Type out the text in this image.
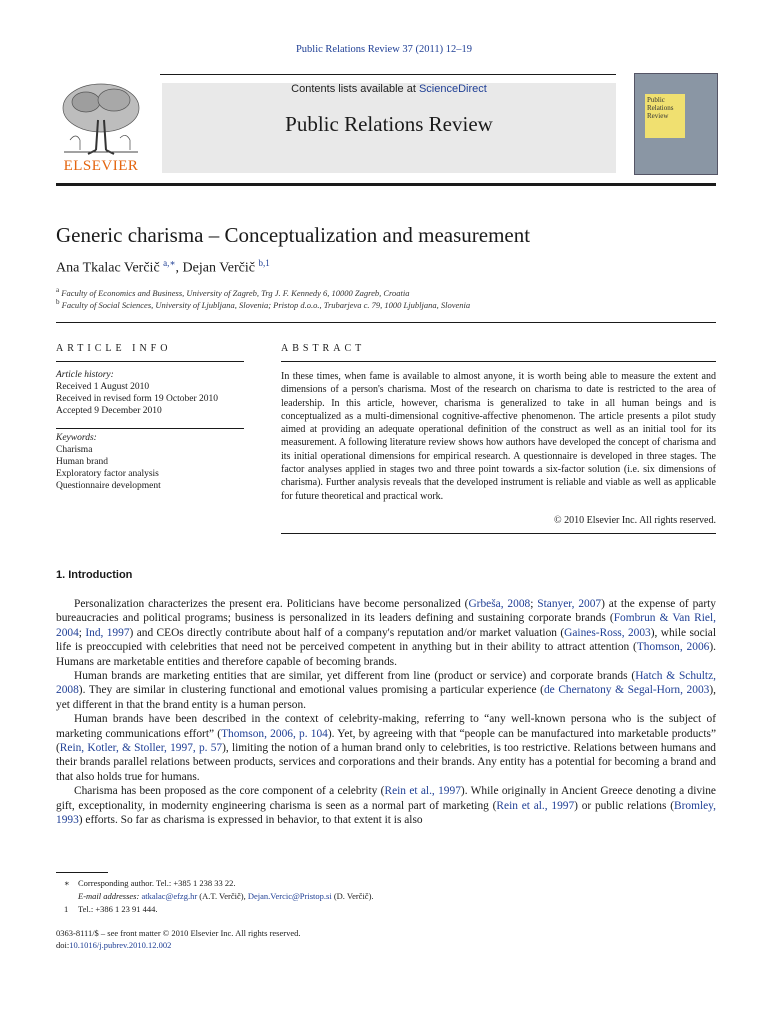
Public Relations Review 37 (2011) 12–19
ELSEVIER
Contents lists available at ScienceDirect
Public Relations Review
Public Relations Review
Generic charisma – Conceptualization and measurement
Ana Tkalac Verčič $^{a,∗}$, Dejan Verčič $^{b,1}$
$^a$ Faculty of Economics and Business, University of Zagreb, Trg J. F. Kennedy 6, 10000 Zagreb, Croatia
$^b$ Faculty of Social Sciences, University of Ljubljana, Slovenia; Pristop d.o.o., Trubarjeva c. 79, 1000 Ljubljana, Slovenia
ARTICLE INFO
Article history:
Received 1 August 2010
Received in revised form 19 October 2010
Accepted 9 December 2010
Keywords:
Charisma
Human brand
Exploratory factor analysis
Questionnaire development
ABSTRACT
In these times, when fame is available to almost anyone, it is worth being able to measure the extent and dimensions of a person's charisma. Most of the research on charisma to date is restricted to the area of leadership. In this article, however, charisma is generalized to take in all human beings and is conceptualized as a multi-dimensional cognitive-affective phenomenon. The article presents a pilot study aimed at providing an adequate operational definition of the construct as well as an initial tool for its measurement. A following literature review shows how authors have developed the concept of charisma and its initial operational dimensions for empirical research. A questionnaire is developed in three stages. The factor analyses applied in stages two and three point towards a six-factor solution (i.e. six dimensions of charisma). Further analysis reveals that the developed instrument is reliable and viable as well as applicable for future theoretical and practical work.
© 2010 Elsevier Inc. All rights reserved.
1. Introduction

Personalization characterizes the present era. Politicians have become personalized (Grbeša, 2008; Stanyer, 2007) at the expense of party bureaucracies and political programs; business is personalized in its leaders defining and sustaining corporate brands (Fombrun & Van Riel, 2004; Ind, 1997) and CEOs directly contribute about half of a company's reputation and/or market valuation (Gaines-Ross, 2003), while social life is preoccupied with celebrities that need not be perceived competent in anything but in their ability to attract attention (Thomson, 2006). Humans are marketable entities and therefore capable of becoming brands.

Human brands are marketing entities that are similar, yet different from line (product or service) and corporate brands (Hatch & Schultz, 2008). They are similar in clustering functional and emotional values promising a particular experience (de Chernatony & Segal-Horn, 2003), yet different in that the brand entity is a human person.

Human brands have been described in the context of celebrity-making, referring to “any well-known persona who is the subject of marketing communications effort” (Thomson, 2006, p. 104). Yet, by agreeing with that “people can be manufactured into marketable products” (Rein, Kotler, & Stoller, 1997, p. 57), limiting the notion of a human brand only to celebrities, is too restrictive. Relations between humans and their brands parallel relations between products, services and corporations and their brands. Any entity has a potential for becoming a brand and that also holds true for humans.

Charisma has been proposed as the core component of a celebrity (Rein et al., 1997). While originally in Ancient Greece denoting a divine gift, exceptionality, in modernity engineering charisma is seen as a normal part of marketing (Rein et al., 1997) or public relations (Bromley, 1993) efforts. So far as charisma is expressed in behavior, to that extent it is also

∗ Corresponding author. Tel.: +385 1 238 33 22.
E-mail addresses: atkalac@efzg.hr (A.T. Verčič), Dejan.Vercic@Pristop.si (D. Verčič).
1 Tel.: +386 1 23 91 444.
0363-8111/$ – see front matter © 2010 Elsevier Inc. All rights reserved.
doi:10.1016/j.pubrev.2010.12.002
